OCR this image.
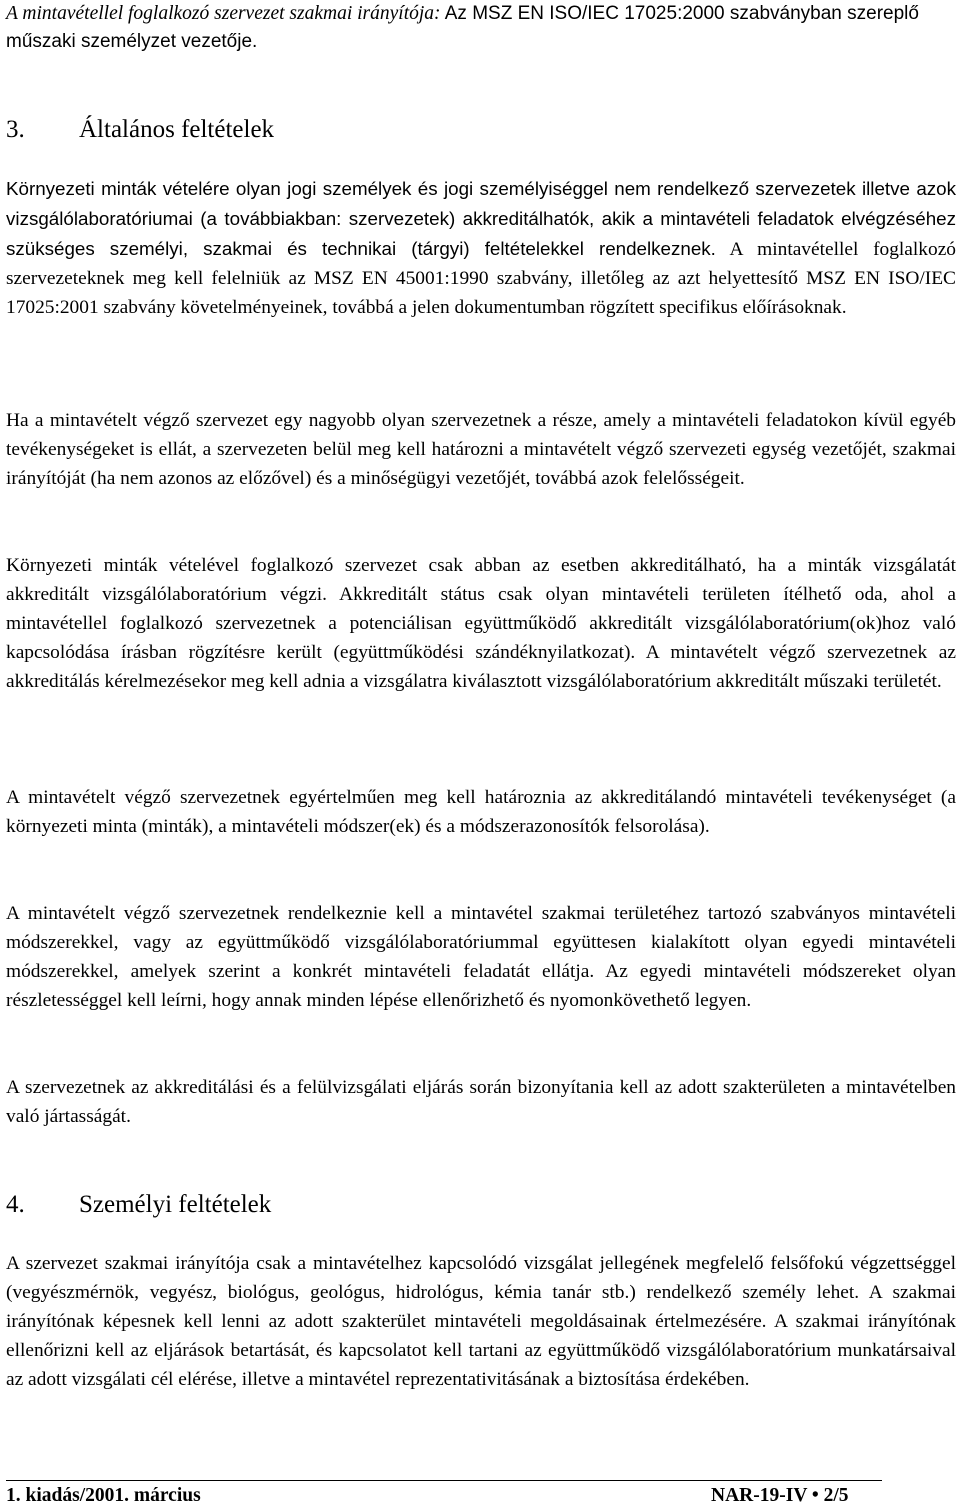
A mintavétellel foglalkozó szervezet szakmai irányítója: Az MSZ EN ISO/IEC 17025:2000 szabványban szereplő műszaki személyzet vezetője.

3. Általános feltételek

Környezeti minták vételére olyan jogi személyek és jogi személyiséggel nem rendelkező szervezetek illetve azok vizsgálólaboratóriumai (a továbbiakban: szervezetek) akkreditálhatók, akik a mintavételi feladatok elvégzéséhez szükséges személyi, szakmai és technikai (tárgyi) feltételekkel rendelkeznek. A mintavétellel foglalkozó szervezeteknek meg kell felelniük az MSZ EN 45001:1990 szabvány, illetőleg az azt helyettesítő MSZ EN ISO/IEC 17025:2001 szabvány követelményeinek, továbbá a jelen dokumentumban rögzített specifikus előírásoknak.

Ha a mintavételt végző szervezet egy nagyobb olyan szervezetnek a része, amely a mintavételi feladatokon kívül egyéb tevékenységeket is ellát, a szervezeten belül meg kell határozni a mintavételt végző szervezeti egység vezetőjét, szakmai irányítóját (ha nem azonos az előzővel) és a minőségügyi vezetőjét, továbbá azok felelősségeit.

Környezeti minták vételével foglalkozó szervezet csak abban az esetben akkreditálható, ha a minták vizsgálatát akkreditált vizsgálólaboratórium végzi. Akkreditált státus csak olyan mintavételi területen ítélhető oda, ahol a mintavétellel foglalkozó szervezetnek a potenciálisan együttműködő akkreditált vizsgálólaboratórium(ok)hoz való kapcsolódása írásban rögzítésre került (együttműködési szándéknyilatkozat). A mintavételt végző szervezetnek az akkreditálás kérelmezésekor meg kell adnia a vizsgálatra kiválasztott vizsgálólaboratórium akkreditált műszaki területét.

A mintavételt végző szervezetnek egyértelműen meg kell határoznia az akkreditálandó mintavételi tevékenységet (a környezeti minta (minták), a mintavételi módszer(ek) és a módszerazonosítók felsorolása).

A mintavételt végző szervezetnek rendelkeznie kell a mintavétel szakmai területéhez tartozó szabványos mintavételi módszerekkel, vagy az együttműködő vizsgálólaboratóriummal együttesen kialakított olyan egyedi mintavételi módszerekkel, amelyek szerint a konkrét mintavételi feladatát ellátja. Az egyedi mintavételi módszereket olyan részletességgel kell leírni, hogy annak minden lépése ellenőrizhető és nyomonkövethető legyen.

A szervezetnek az akkreditálási és a felülvizsgálati eljárás során bizonyítania kell az adott szakterületen a mintavételben való jártasságát.

4. Személyi feltételek

A szervezet szakmai irányítója csak a mintavételhez kapcsolódó vizsgálat jellegének megfelelő felsőfokú végzettséggel (vegyészmérnök, vegyész, biológus, geológus, hidrológus, kémia tanár stb.) rendelkező személy lehet. A szakmai irányítónak képesnek kell lenni az adott szakterület mintavételi megoldásainak értelmezésére. A szakmai irányítónak ellenőrizni kell az eljárások betartását, és kapcsolatot kell tartani az együttműködő vizsgálólaboratórium munkatársaival az adott vizsgálati cél elérése, illetve a mintavétel reprezentativitásának a biztosítása érdekében.

1. kiadás/2001. március	NAR-19-IV • 2/5
